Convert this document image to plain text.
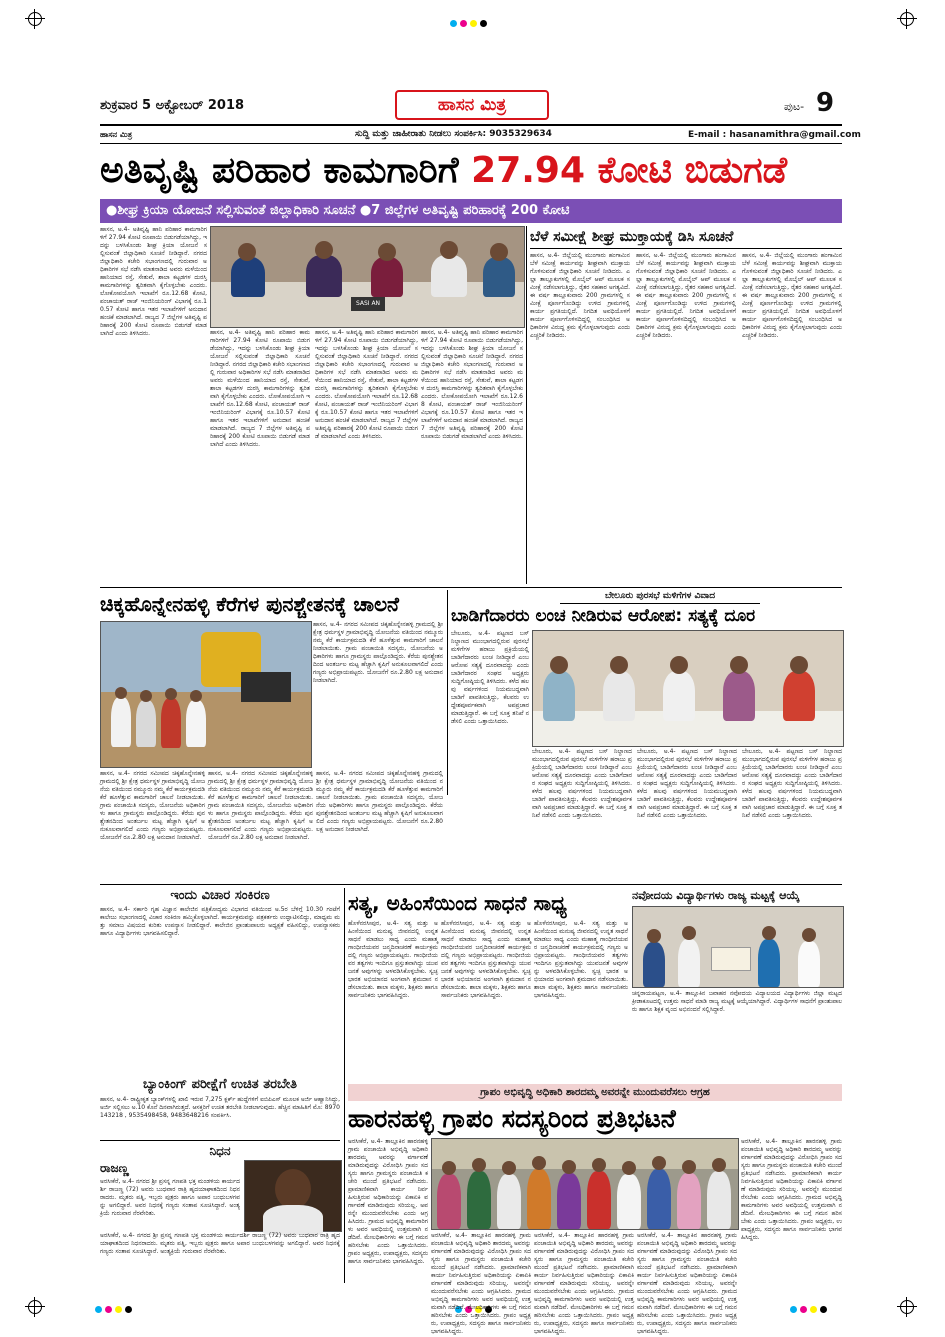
ಶುಕ್ರವಾರ 5 ಅಕ್ಟೋಬರ್ 2018	ಹಾಸನ ಮಿತ್ರ	ಪುಟ- 9
ಹಾಸನ ಮಿತ್ರ	ಸುದ್ದಿ ಮತ್ತು ಜಾಹೀರಾತು ನೀಡಲು ಸಂಪರ್ಕಿಸಿ: 9035329634	E-mail : hasanamithra@gmail.com
ಅತಿವೃಷ್ಟಿ ಪರಿಹಾರ ಕಾಮಗಾರಿಗೆ 27.94 ಕೋಟಿ ಬಿಡುಗಡೆ
●ಶೀಘ್ರ ಕ್ರಿಯಾ ಯೋಜನೆ ಸಲ್ಲಿಸುವಂತೆ ಜಿಲ್ಲಾಧಿಕಾರಿ ಸೂಚನೆ ●7 ಜಿಲ್ಲೆಗಳ ಅತಿವೃಷ್ಟಿ ಪರಿಹಾರಕ್ಕೆ 200 ಕೋಟಿ
ಹಾಸನ, ಅ.4- ಅತಿವೃಷ್ಟಿ ಹಾನಿ ಪರಿಹಾರ ಕಾಮಗಾರಿಗಳಿಗೆ 27.94 ಕೋಟಿ ರೂಪಾಯಿ ಬಿಡುಗಡೆಯಾಗಿದ್ದು, ಇದನ್ನು ಬಳಸಿಕೊಂಡು ಶೀಘ್ರ ಕ್ರಿಯಾ ಯೋಜನೆ ಸಲ್ಲಿಸುವಂತೆ ಜಿಲ್ಲಾಧಿಕಾರಿ ಸೂಚನೆ ನೀಡಿದ್ದಾರೆ. ನಗರದ ಜಿಲ್ಲಾಧಿಕಾರಿ ಕಚೇರಿ ಸಭಾಂಗಣದಲ್ಲಿ ಗುರುವಾರ ಅಧಿಕಾರಿಗಳ ಸಭೆ ನಡೆಸಿ ಮಾತನಾಡಿದ ಅವರು ಮಳೆಯಿಂದ ಹಾನಿಯಾದ ರಸ್ತೆ, ಸೇತುವೆ, ಶಾಲಾ ಕಟ್ಟಡಗಳ ದುರಸ್ತಿ ಕಾಮಗಾರಿಗಳನ್ನು ತ್ವರಿತವಾಗಿ ಕೈಗೊಳ್ಳಬೇಕು ಎಂದರು. ಲೋಕೋಪಯೋಗಿ ಇಲಾಖೆಗೆ ರೂ.12.68 ಕೋಟಿ, ಪಂಚಾಯತ್ ರಾಜ್ ಇಂಜಿನಿಯರಿಂಗ್ ವಿಭಾಗಕ್ಕೆ ರೂ.10.57 ಕೋಟಿ ಹಾಗೂ ಇತರ ಇಲಾಖೆಗಳಿಗೆ ಅನುದಾನ ಹಂಚಿಕೆ ಮಾಡಲಾಗಿದೆ. ರಾಜ್ಯದ 7 ಜಿಲ್ಲೆಗಳ ಅತಿವೃಷ್ಟಿ ಪರಿಹಾರಕ್ಕೆ 200 ಕೋಟಿ ರೂಪಾಯಿ ಬಿಡುಗಡೆ ಮಾಡಲಾಗಿದೆ ಎಂದು ತಿಳಿಸಿದರು.
SASI AN
ಹಾಸನ, ಅ.4- ಅತಿವೃಷ್ಟಿ ಹಾನಿ ಪರಿಹಾರ ಕಾಮಗಾರಿಗಳಿಗೆ 27.94 ಕೋಟಿ ರೂಪಾಯಿ ಬಿಡುಗಡೆಯಾಗಿದ್ದು, ಇದನ್ನು ಬಳಸಿಕೊಂಡು ಶೀಘ್ರ ಕ್ರಿಯಾ ಯೋಜನೆ ಸಲ್ಲಿಸುವಂತೆ ಜಿಲ್ಲಾಧಿಕಾರಿ ಸೂಚನೆ ನೀಡಿದ್ದಾರೆ. ನಗರದ ಜಿಲ್ಲಾಧಿಕಾರಿ ಕಚೇರಿ ಸಭಾಂಗಣದಲ್ಲಿ ಗುರುವಾರ ಅಧಿಕಾರಿಗಳ ಸಭೆ ನಡೆಸಿ ಮಾತನಾಡಿದ ಅವರು ಮಳೆಯಿಂದ ಹಾನಿಯಾದ ರಸ್ತೆ, ಸೇತುವೆ, ಶಾಲಾ ಕಟ್ಟಡಗಳ ದುರಸ್ತಿ ಕಾಮಗಾರಿಗಳನ್ನು ತ್ವರಿತವಾಗಿ ಕೈಗೊಳ್ಳಬೇಕು ಎಂದರು. ಲೋಕೋಪಯೋಗಿ ಇಲಾಖೆಗೆ ರೂ.12.68 ಕೋಟಿ, ಪಂಚಾಯತ್ ರಾಜ್ ಇಂಜಿನಿಯರಿಂಗ್ ವಿಭಾಗಕ್ಕೆ ರೂ.10.57 ಕೋಟಿ ಹಾಗೂ ಇತರ ಇಲಾಖೆಗಳಿಗೆ ಅನುದಾನ ಹಂಚಿಕೆ ಮಾಡಲಾಗಿದೆ. ರಾಜ್ಯದ 7 ಜಿಲ್ಲೆಗಳ ಅತಿವೃಷ್ಟಿ ಪರಿಹಾರಕ್ಕೆ 200 ಕೋಟಿ ರೂಪಾಯಿ ಬಿಡುಗಡೆ ಮಾಡಲಾಗಿದೆ ಎಂದು ತಿಳಿಸಿದರು.
ಹಾಸನ, ಅ.4- ಅತಿವೃಷ್ಟಿ ಹಾನಿ ಪರಿಹಾರ ಕಾಮಗಾರಿಗಳಿಗೆ 27.94 ಕೋಟಿ ರೂಪಾಯಿ ಬಿಡುಗಡೆಯಾಗಿದ್ದು, ಇದನ್ನು ಬಳಸಿಕೊಂಡು ಶೀಘ್ರ ಕ್ರಿಯಾ ಯೋಜನೆ ಸಲ್ಲಿಸುವಂತೆ ಜಿಲ್ಲಾಧಿಕಾರಿ ಸೂಚನೆ ನೀಡಿದ್ದಾರೆ. ನಗರದ ಜಿಲ್ಲಾಧಿಕಾರಿ ಕಚೇರಿ ಸಭಾಂಗಣದಲ್ಲಿ ಗುರುವಾರ ಅಧಿಕಾರಿಗಳ ಸಭೆ ನಡೆಸಿ ಮಾತನಾಡಿದ ಅವರು ಮಳೆಯಿಂದ ಹಾನಿಯಾದ ರಸ್ತೆ, ಸೇತುವೆ, ಶಾಲಾ ಕಟ್ಟಡಗಳ ದುರಸ್ತಿ ಕಾಮಗಾರಿಗಳನ್ನು ತ್ವರಿತವಾಗಿ ಕೈಗೊಳ್ಳಬೇಕು ಎಂದರು. ಲೋಕೋಪಯೋಗಿ ಇಲಾಖೆಗೆ ರೂ.12.68 ಕೋಟಿ, ಪಂಚಾಯತ್ ರಾಜ್ ಇಂಜಿನಿಯರಿಂಗ್ ವಿಭಾಗಕ್ಕೆ ರೂ.10.57 ಕೋಟಿ ಹಾಗೂ ಇತರ ಇಲಾಖೆಗಳಿಗೆ ಅನುದಾನ ಹಂಚಿಕೆ ಮಾಡಲಾಗಿದೆ. ರಾಜ್ಯದ 7 ಜಿಲ್ಲೆಗಳ ಅತಿವೃಷ್ಟಿ ಪರಿಹಾರಕ್ಕೆ 200 ಕೋಟಿ ರೂಪಾಯಿ ಬಿಡುಗಡೆ ಮಾಡಲಾಗಿದೆ ಎಂದು ತಿಳಿಸಿದರು.
ಹಾಸನ, ಅ.4- ಅತಿವೃಷ್ಟಿ ಹಾನಿ ಪರಿಹಾರ ಕಾಮಗಾರಿಗಳಿಗೆ 27.94 ಕೋಟಿ ರೂಪಾಯಿ ಬಿಡುಗಡೆಯಾಗಿದ್ದು, ಇದನ್ನು ಬಳಸಿಕೊಂಡು ಶೀಘ್ರ ಕ್ರಿಯಾ ಯೋಜನೆ ಸಲ್ಲಿಸುವಂತೆ ಜಿಲ್ಲಾಧಿಕಾರಿ ಸೂಚನೆ ನೀಡಿದ್ದಾರೆ. ನಗರದ ಜಿಲ್ಲಾಧಿಕಾರಿ ಕಚೇರಿ ಸಭಾಂಗಣದಲ್ಲಿ ಗುರುವಾರ ಅಧಿಕಾರಿಗಳ ಸಭೆ ನಡೆಸಿ ಮಾತನಾಡಿದ ಅವರು ಮಳೆಯಿಂದ ಹಾನಿಯಾದ ರಸ್ತೆ, ಸೇತುವೆ, ಶಾಲಾ ಕಟ್ಟಡಗಳ ದುರಸ್ತಿ ಕಾಮಗಾರಿಗಳನ್ನು ತ್ವರಿತವಾಗಿ ಕೈಗೊಳ್ಳಬೇಕು ಎಂದರು. ಲೋಕೋಪಯೋಗಿ ಇಲಾಖೆಗೆ ರೂ.12.68 ಕೋಟಿ, ಪಂಚಾಯತ್ ರಾಜ್ ಇಂಜಿನಿಯರಿಂಗ್ ವಿಭಾಗಕ್ಕೆ ರೂ.10.57 ಕೋಟಿ ಹಾಗೂ ಇತರ ಇಲಾಖೆಗಳಿಗೆ ಅನುದಾನ ಹಂಚಿಕೆ ಮಾಡಲಾಗಿದೆ. ರಾಜ್ಯದ 7 ಜಿಲ್ಲೆಗಳ ಅತಿವೃಷ್ಟಿ ಪರಿಹಾರಕ್ಕೆ 200 ಕೋಟಿ ರೂಪಾಯಿ ಬಿಡುಗಡೆ ಮಾಡಲಾಗಿದೆ ಎಂದು ತಿಳಿಸಿದರು.
ಬೆಳೆ ಸಮೀಕ್ಷೆ ಶೀಘ್ರ ಮುಕ್ತಾಯಕ್ಕೆ ಡಿಸಿ ಸೂಚನೆ
ಹಾಸನ, ಅ.4- ಜಿಲ್ಲೆಯಲ್ಲಿ ಮುಂಗಾರು ಹಂಗಾಮಿನ ಬೆಳೆ ಸಮೀಕ್ಷೆ ಕಾರ್ಯವನ್ನು ಶೀಘ್ರವಾಗಿ ಮುಕ್ತಾಯಗೊಳಿಸುವಂತೆ ಜಿಲ್ಲಾಧಿಕಾರಿ ಸೂಚನೆ ನೀಡಿದರು. ಎಲ್ಲಾ ತಾಲ್ಲೂಕುಗಳಲ್ಲಿ ಮೊಬೈಲ್ ಆಪ್ ಮೂಲಕ ಸಮೀಕ್ಷೆ ನಡೆಸಲಾಗುತ್ತಿದ್ದು, ರೈತರ ಸಹಕಾರ ಅಗತ್ಯವಿದೆ. ಈ ವರ್ಷ ತಾಲ್ಲೂಕುವಾರು 200 ಗ್ರಾಮಗಳಲ್ಲಿ ಸಮೀಕ್ಷೆ ಪೂರ್ಣಗೊಂಡಿದ್ದು ಉಳಿದ ಗ್ರಾಮಗಳಲ್ಲಿ ಕಾರ್ಯ ಪ್ರಗತಿಯಲ್ಲಿದೆ. ನಿಗದಿತ ಅವಧಿಯೊಳಗೆ ಕಾರ್ಯ ಪೂರ್ಣಗೊಳಿಸದಿದ್ದಲ್ಲಿ ಸಂಬಂಧಿಸಿದ ಅಧಿಕಾರಿಗಳ ವಿರುದ್ಧ ಕ್ರಮ ಕೈಗೊಳ್ಳಲಾಗುವುದು ಎಂದು ಎಚ್ಚರಿಕೆ ನೀಡಿದರು.
ಹಾಸನ, ಅ.4- ಜಿಲ್ಲೆಯಲ್ಲಿ ಮುಂಗಾರು ಹಂಗಾಮಿನ ಬೆಳೆ ಸಮೀಕ್ಷೆ ಕಾರ್ಯವನ್ನು ಶೀಘ್ರವಾಗಿ ಮುಕ್ತಾಯಗೊಳಿಸುವಂತೆ ಜಿಲ್ಲಾಧಿಕಾರಿ ಸೂಚನೆ ನೀಡಿದರು. ಎಲ್ಲಾ ತಾಲ್ಲೂಕುಗಳಲ್ಲಿ ಮೊಬೈಲ್ ಆಪ್ ಮೂಲಕ ಸಮೀಕ್ಷೆ ನಡೆಸಲಾಗುತ್ತಿದ್ದು, ರೈತರ ಸಹಕಾರ ಅಗತ್ಯವಿದೆ. ಈ ವರ್ಷ ತಾಲ್ಲೂಕುವಾರು 200 ಗ್ರಾಮಗಳಲ್ಲಿ ಸಮೀಕ್ಷೆ ಪೂರ್ಣಗೊಂಡಿದ್ದು ಉಳಿದ ಗ್ರಾಮಗಳಲ್ಲಿ ಕಾರ್ಯ ಪ್ರಗತಿಯಲ್ಲಿದೆ. ನಿಗದಿತ ಅವಧಿಯೊಳಗೆ ಕಾರ್ಯ ಪೂರ್ಣಗೊಳಿಸದಿದ್ದಲ್ಲಿ ಸಂಬಂಧಿಸಿದ ಅಧಿಕಾರಿಗಳ ವಿರುದ್ಧ ಕ್ರಮ ಕೈಗೊಳ್ಳಲಾಗುವುದು ಎಂದು ಎಚ್ಚರಿಕೆ ನೀಡಿದರು.
ಹಾಸನ, ಅ.4- ಜಿಲ್ಲೆಯಲ್ಲಿ ಮುಂಗಾರು ಹಂಗಾಮಿನ ಬೆಳೆ ಸಮೀಕ್ಷೆ ಕಾರ್ಯವನ್ನು ಶೀಘ್ರವಾಗಿ ಮುಕ್ತಾಯಗೊಳಿಸುವಂತೆ ಜಿಲ್ಲಾಧಿಕಾರಿ ಸೂಚನೆ ನೀಡಿದರು. ಎಲ್ಲಾ ತಾಲ್ಲೂಕುಗಳಲ್ಲಿ ಮೊಬೈಲ್ ಆಪ್ ಮೂಲಕ ಸಮೀಕ್ಷೆ ನಡೆಸಲಾಗುತ್ತಿದ್ದು, ರೈತರ ಸಹಕಾರ ಅಗತ್ಯವಿದೆ. ಈ ವರ್ಷ ತಾಲ್ಲೂಕುವಾರು 200 ಗ್ರಾಮಗಳಲ್ಲಿ ಸಮೀಕ್ಷೆ ಪೂರ್ಣಗೊಂಡಿದ್ದು ಉಳಿದ ಗ್ರಾಮಗಳಲ್ಲಿ ಕಾರ್ಯ ಪ್ರಗತಿಯಲ್ಲಿದೆ. ನಿಗದಿತ ಅವಧಿಯೊಳಗೆ ಕಾರ್ಯ ಪೂರ್ಣಗೊಳಿಸದಿದ್ದಲ್ಲಿ ಸಂಬಂಧಿಸಿದ ಅಧಿಕಾರಿಗಳ ವಿರುದ್ಧ ಕ್ರಮ ಕೈಗೊಳ್ಳಲಾಗುವುದು ಎಂದು ಎಚ್ಚರಿಕೆ ನೀಡಿದರು.
ಚಿಕ್ಕಹೊನ್ನೇನಹಳ್ಳಿ ಕೆರೆಗಳ ಪುನಶ್ಚೇತನಕ್ಕೆ ಚಾಲನೆ
ಹಾಸನ, ಅ.4- ನಗರದ ಸಮೀಪದ ಚಿಕ್ಕಹೊನ್ನೇನಹಳ್ಳಿ ಗ್ರಾಮದಲ್ಲಿ ಶ್ರೀ ಕ್ಷೇತ್ರ ಧರ್ಮಸ್ಥಳ ಗ್ರಾಮಾಭಿವೃದ್ಧಿ ಯೋಜನೆಯ ವತಿಯಿಂದ ನಮ್ಮೂರು ನಮ್ಮ ಕೆರೆ ಕಾರ್ಯಕ್ರಮದಡಿ ಕೆರೆ ಹೂಳೆತ್ತುವ ಕಾಮಗಾರಿಗೆ ಚಾಲನೆ ನೀಡಲಾಯಿತು. ಗ್ರಾಮ ಪಂಚಾಯಿತಿ ಸದಸ್ಯರು, ಯೋಜನೆಯ ಅಧಿಕಾರಿಗಳು ಹಾಗೂ ಗ್ರಾಮಸ್ಥರು ಪಾಲ್ಗೊಂಡಿದ್ದರು. ಕೆರೆಯ ಪುನಶ್ಚೇತನದಿಂದ ಅಂತರ್ಜಲ ಮಟ್ಟ ಹೆಚ್ಚಾಗಿ ಕೃಷಿಗೆ ಅನುಕೂಲವಾಗಲಿದೆ ಎಂದು ಗಣ್ಯರು ಅಭಿಪ್ರಾಯಪಟ್ಟರು. ಯೋಜನೆಗೆ ರೂ.2.80 ಲಕ್ಷ ಅನುದಾನ ನೀಡಲಾಗಿದೆ.
ಹಾಸನ, ಅ.4- ನಗರದ ಸಮೀಪದ ಚಿಕ್ಕಹೊನ್ನೇನಹಳ್ಳಿ ಗ್ರಾಮದಲ್ಲಿ ಶ್ರೀ ಕ್ಷೇತ್ರ ಧರ್ಮಸ್ಥಳ ಗ್ರಾಮಾಭಿವೃದ್ಧಿ ಯೋಜನೆಯ ವತಿಯಿಂದ ನಮ್ಮೂರು ನಮ್ಮ ಕೆರೆ ಕಾರ್ಯಕ್ರಮದಡಿ ಕೆರೆ ಹೂಳೆತ್ತುವ ಕಾಮಗಾರಿಗೆ ಚಾಲನೆ ನೀಡಲಾಯಿತು. ಗ್ರಾಮ ಪಂಚಾಯಿತಿ ಸದಸ್ಯರು, ಯೋಜನೆಯ ಅಧಿಕಾರಿಗಳು ಹಾಗೂ ಗ್ರಾಮಸ್ಥರು ಪಾಲ್ಗೊಂಡಿದ್ದರು. ಕೆರೆಯ ಪುನಶ್ಚೇತನದಿಂದ ಅಂತರ್ಜಲ ಮಟ್ಟ ಹೆಚ್ಚಾಗಿ ಕೃಷಿಗೆ ಅನುಕೂಲವಾಗಲಿದೆ ಎಂದು ಗಣ್ಯರು ಅಭಿಪ್ರಾಯಪಟ್ಟರು. ಯೋಜನೆಗೆ ರೂ.2.80 ಲಕ್ಷ ಅನುದಾನ ನೀಡಲಾಗಿದೆ.
ಹಾಸನ, ಅ.4- ನಗರದ ಸಮೀಪದ ಚಿಕ್ಕಹೊನ್ನೇನಹಳ್ಳಿ ಗ್ರಾಮದಲ್ಲಿ ಶ್ರೀ ಕ್ಷೇತ್ರ ಧರ್ಮಸ್ಥಳ ಗ್ರಾಮಾಭಿವೃದ್ಧಿ ಯೋಜನೆಯ ವತಿಯಿಂದ ನಮ್ಮೂರು ನಮ್ಮ ಕೆರೆ ಕಾರ್ಯಕ್ರಮದಡಿ ಕೆರೆ ಹೂಳೆತ್ತುವ ಕಾಮಗಾರಿಗೆ ಚಾಲನೆ ನೀಡಲಾಯಿತು. ಗ್ರಾಮ ಪಂಚಾಯಿತಿ ಸದಸ್ಯರು, ಯೋಜನೆಯ ಅಧಿಕಾರಿಗಳು ಹಾಗೂ ಗ್ರಾಮಸ್ಥರು ಪಾಲ್ಗೊಂಡಿದ್ದರು. ಕೆರೆಯ ಪುನಶ್ಚೇತನದಿಂದ ಅಂತರ್ಜಲ ಮಟ್ಟ ಹೆಚ್ಚಾಗಿ ಕೃಷಿಗೆ ಅನುಕೂಲವಾಗಲಿದೆ ಎಂದು ಗಣ್ಯರು ಅಭಿಪ್ರಾಯಪಟ್ಟರು. ಯೋಜನೆಗೆ ರೂ.2.80 ಲಕ್ಷ ಅನುದಾನ ನೀಡಲಾಗಿದೆ.
ಹಾಸನ, ಅ.4- ನಗರದ ಸಮೀಪದ ಚಿಕ್ಕಹೊನ್ನೇನಹಳ್ಳಿ ಗ್ರಾಮದಲ್ಲಿ ಶ್ರೀ ಕ್ಷೇತ್ರ ಧರ್ಮಸ್ಥಳ ಗ್ರಾಮಾಭಿವೃದ್ಧಿ ಯೋಜನೆಯ ವತಿಯಿಂದ ನಮ್ಮೂರು ನಮ್ಮ ಕೆರೆ ಕಾರ್ಯಕ್ರಮದಡಿ ಕೆರೆ ಹೂಳೆತ್ತುವ ಕಾಮಗಾರಿಗೆ ಚಾಲನೆ ನೀಡಲಾಯಿತು. ಗ್ರಾಮ ಪಂಚಾಯಿತಿ ಸದಸ್ಯರು, ಯೋಜನೆಯ ಅಧಿಕಾರಿಗಳು ಹಾಗೂ ಗ್ರಾಮಸ್ಥರು ಪಾಲ್ಗೊಂಡಿದ್ದರು. ಕೆರೆಯ ಪುನಶ್ಚೇತನದಿಂದ ಅಂತರ್ಜಲ ಮಟ್ಟ ಹೆಚ್ಚಾಗಿ ಕೃಷಿಗೆ ಅನುಕೂಲವಾಗಲಿದೆ ಎಂದು ಗಣ್ಯರು ಅಭಿಪ್ರಾಯಪಟ್ಟರು. ಯೋಜನೆಗೆ ರೂ.2.80 ಲಕ್ಷ ಅನುದಾನ ನೀಡಲಾಗಿದೆ.
ಬೇಲೂರು ಪುರಸಭೆ ಮಳಿಗೆಗಳ ವಿವಾದ
ಬಾಡಿಗೆದಾರರು ಲಂಚ ನೀಡಿರುವ ಆರೋಪ: ಸತ್ಯಕ್ಕೆ ದೂರ
ಬೇಲೂರು, ಅ.4- ಪಟ್ಟಣದ ಬಸ್ ನಿಲ್ದಾಣದ ಮುಂಭಾಗದಲ್ಲಿರುವ ಪುರಸಭೆ ಮಳಿಗೆಗಳ ಹರಾಜು ಪ್ರಕ್ರಿಯೆಯಲ್ಲಿ ಬಾಡಿಗೆದಾರರು ಲಂಚ ನೀಡಿದ್ದಾರೆ ಎಂಬ ಆರೋಪ ಸತ್ಯಕ್ಕೆ ದೂರವಾದದ್ದು ಎಂದು ಬಾಡಿಗೆದಾರರ ಸಂಘದ ಅಧ್ಯಕ್ಷರು ಸುದ್ದಿಗೋಷ್ಠಿಯಲ್ಲಿ ತಿಳಿಸಿದರು. ಕಳೆದ ಹಲವು ವರ್ಷಗಳಿಂದ ನಿಯಮಬದ್ಧವಾಗಿ ಬಾಡಿಗೆ ಪಾವತಿಸುತ್ತಿದ್ದು, ಕೆಲವರು ಉದ್ದೇಶಪೂರ್ವಕವಾಗಿ ಅಪಪ್ರಚಾರ ಮಾಡುತ್ತಿದ್ದಾರೆ. ಈ ಬಗ್ಗೆ ಸೂಕ್ತ ತನಿಖೆ ನಡೆಸಲಿ ಎಂದು ಒತ್ತಾಯಿಸಿದರು.
ಬೇಲೂರು, ಅ.4- ಪಟ್ಟಣದ ಬಸ್ ನಿಲ್ದಾಣದ ಮುಂಭಾಗದಲ್ಲಿರುವ ಪುರಸಭೆ ಮಳಿಗೆಗಳ ಹರಾಜು ಪ್ರಕ್ರಿಯೆಯಲ್ಲಿ ಬಾಡಿಗೆದಾರರು ಲಂಚ ನೀಡಿದ್ದಾರೆ ಎಂಬ ಆರೋಪ ಸತ್ಯಕ್ಕೆ ದೂರವಾದದ್ದು ಎಂದು ಬಾಡಿಗೆದಾರರ ಸಂಘದ ಅಧ್ಯಕ್ಷರು ಸುದ್ದಿಗೋಷ್ಠಿಯಲ್ಲಿ ತಿಳಿಸಿದರು. ಕಳೆದ ಹಲವು ವರ್ಷಗಳಿಂದ ನಿಯಮಬದ್ಧವಾಗಿ ಬಾಡಿಗೆ ಪಾವತಿಸುತ್ತಿದ್ದು, ಕೆಲವರು ಉದ್ದೇಶಪೂರ್ವಕವಾಗಿ ಅಪಪ್ರಚಾರ ಮಾಡುತ್ತಿದ್ದಾರೆ. ಈ ಬಗ್ಗೆ ಸೂಕ್ತ ತನಿಖೆ ನಡೆಸಲಿ ಎಂದು ಒತ್ತಾಯಿಸಿದರು.
ಬೇಲೂರು, ಅ.4- ಪಟ್ಟಣದ ಬಸ್ ನಿಲ್ದಾಣದ ಮುಂಭಾಗದಲ್ಲಿರುವ ಪುರಸಭೆ ಮಳಿಗೆಗಳ ಹರಾಜು ಪ್ರಕ್ರಿಯೆಯಲ್ಲಿ ಬಾಡಿಗೆದಾರರು ಲಂಚ ನೀಡಿದ್ದಾರೆ ಎಂಬ ಆರೋಪ ಸತ್ಯಕ್ಕೆ ದೂರವಾದದ್ದು ಎಂದು ಬಾಡಿಗೆದಾರರ ಸಂಘದ ಅಧ್ಯಕ್ಷರು ಸುದ್ದಿಗೋಷ್ಠಿಯಲ್ಲಿ ತಿಳಿಸಿದರು. ಕಳೆದ ಹಲವು ವರ್ಷಗಳಿಂದ ನಿಯಮಬದ್ಧವಾಗಿ ಬಾಡಿಗೆ ಪಾವತಿಸುತ್ತಿದ್ದು, ಕೆಲವರು ಉದ್ದೇಶಪೂರ್ವಕವಾಗಿ ಅಪಪ್ರಚಾರ ಮಾಡುತ್ತಿದ್ದಾರೆ. ಈ ಬಗ್ಗೆ ಸೂಕ್ತ ತನಿಖೆ ನಡೆಸಲಿ ಎಂದು ಒತ್ತಾಯಿಸಿದರು.
ಬೇಲೂರು, ಅ.4- ಪಟ್ಟಣದ ಬಸ್ ನಿಲ್ದಾಣದ ಮುಂಭಾಗದಲ್ಲಿರುವ ಪುರಸಭೆ ಮಳಿಗೆಗಳ ಹರಾಜು ಪ್ರಕ್ರಿಯೆಯಲ್ಲಿ ಬಾಡಿಗೆದಾರರು ಲಂಚ ನೀಡಿದ್ದಾರೆ ಎಂಬ ಆರೋಪ ಸತ್ಯಕ್ಕೆ ದೂರವಾದದ್ದು ಎಂದು ಬಾಡಿಗೆದಾರರ ಸಂಘದ ಅಧ್ಯಕ್ಷರು ಸುದ್ದಿಗೋಷ್ಠಿಯಲ್ಲಿ ತಿಳಿಸಿದರು. ಕಳೆದ ಹಲವು ವರ್ಷಗಳಿಂದ ನಿಯಮಬದ್ಧವಾಗಿ ಬಾಡಿಗೆ ಪಾವತಿಸುತ್ತಿದ್ದು, ಕೆಲವರು ಉದ್ದೇಶಪೂರ್ವಕವಾಗಿ ಅಪಪ್ರಚಾರ ಮಾಡುತ್ತಿದ್ದಾರೆ. ಈ ಬಗ್ಗೆ ಸೂಕ್ತ ತನಿಖೆ ನಡೆಸಲಿ ಎಂದು ಒತ್ತಾಯಿಸಿದರು.
ಇಂದು ವಿಚಾರ ಸಂಕಿರಣ
ಹಾಸನ, ಅ.4- ಸರ್ಕಾರಿ ಗೃಹ ವಿಜ್ಞಾನ ಕಾಲೇಜಿನ ಪತ್ರಿಕೋದ್ಯಮ ವಿಭಾಗದ ವತಿಯಿಂದ ಅ.5ರ ಬೆಳಿಗ್ಗೆ 10.30 ಗಂಟೆಗೆ ಕಾಲೇಜು ಸಭಾಂಗಣದಲ್ಲಿ ವಿಚಾರ ಸಂಕಿರಣ ಹಮ್ಮಿಕೊಳ್ಳಲಾಗಿದೆ. ಕಾರ್ಯಕ್ರಮವನ್ನು ಪತ್ರಕರ್ತರು ಉದ್ಘಾಟಿಸಲಿದ್ದು, ಮಾಧ್ಯಮ ಮತ್ತು ಸಮಾಜ ವಿಷಯದ ಕುರಿತು ಉಪನ್ಯಾಸ ನೀಡಲಿದ್ದಾರೆ. ಕಾಲೇಜಿನ ಪ್ರಾಂಶುಪಾಲರು ಅಧ್ಯಕ್ಷತೆ ವಹಿಸಲಿದ್ದು, ಉಪನ್ಯಾಸಕರು ಹಾಗೂ ವಿದ್ಯಾರ್ಥಿಗಳು ಭಾಗವಹಿಸಲಿದ್ದಾರೆ.
ಬ್ಯಾಂಕಿಂಗ್ ಪರೀಕ್ಷೆಗೆ ಉಚಿತ ತರಬೇತಿ
ಹಾಸನ, ಅ.4- ರಾಷ್ಟ್ರೀಕೃತ ಬ್ಯಾಂಕ್‌ಗಳಲ್ಲಿ ಖಾಲಿ ಇರುವ 7,275 ಕ್ಲರ್ಕ್ ಹುದ್ದೆಗಳಿಗೆ ಐಬಿಪಿಎಸ್ ಮೂಲಕ ಅರ್ಜಿ ಆಹ್ವಾನಿಸಿದ್ದು, ಅರ್ಜಿ ಸಲ್ಲಿಸಲು ಅ.10 ಕೊನೆ ದಿನವಾಗಿರುತ್ತದೆ. ಆಸಕ್ತರಿಗೆ ಉಚಿತ ತರಬೇತಿ ನೀಡಲಾಗುವುದು. ಹೆಚ್ಚಿನ ಮಾಹಿತಿಗೆ ಮೊ: 8970143218 , 9535498458, 9483648216 ಸಂಪರ್ಕಿಸಿ.
ನಿಧನ
ರಾಜಣ್ಣ
ಅರಸೀಕೆರೆ, ಅ.4- ನಗರದ ಶ್ರೀ ಪ್ರಸನ್ನ ಗಣಪತಿ ಭಕ್ತ ಮಂಡಳಿಯ ಕಾರ್ಯದರ್ಶಿ ರಾಜಣ್ಣ (72) ಅವರು ಬುಧವಾರ ರಾತ್ರಿ ಹೃದಯಾಘಾತದಿಂದ ನಿಧನರಾದರು. ಮೃತರು ಪತ್ನಿ, ಇಬ್ಬರು ಪುತ್ರರು ಹಾಗೂ ಅಪಾರ ಬಂಧುಬಳಗವನ್ನು ಅಗಲಿದ್ದಾರೆ. ಅವರ ನಿಧನಕ್ಕೆ ಗಣ್ಯರು ಸಂತಾಪ ಸೂಚಿಸಿದ್ದಾರೆ. ಅಂತ್ಯಕ್ರಿಯೆ ಗುರುವಾರ ನೆರವೇರಿತು.
ಅರಸೀಕೆರೆ, ಅ.4- ನಗರದ ಶ್ರೀ ಪ್ರಸನ್ನ ಗಣಪತಿ ಭಕ್ತ ಮಂಡಳಿಯ ಕಾರ್ಯದರ್ಶಿ ರಾಜಣ್ಣ (72) ಅವರು ಬುಧವಾರ ರಾತ್ರಿ ಹೃದಯಾಘಾತದಿಂದ ನಿಧನರಾದರು. ಮೃತರು ಪತ್ನಿ, ಇಬ್ಬರು ಪುತ್ರರು ಹಾಗೂ ಅಪಾರ ಬಂಧುಬಳಗವನ್ನು ಅಗಲಿದ್ದಾರೆ. ಅವರ ನಿಧನಕ್ಕೆ ಗಣ್ಯರು ಸಂತಾಪ ಸೂಚಿಸಿದ್ದಾರೆ. ಅಂತ್ಯಕ್ರಿಯೆ ಗುರುವಾರ ನೆರವೇರಿತು.
ಸತ್ಯ, ಅಹಿಂಸೆಯಿಂದ ಸಾಧನೆ ಸಾಧ್ಯ
ಹೊಳೆನರಸೀಪುರ, ಅ.4- ಸತ್ಯ ಮತ್ತು ಅಹಿಂಸೆಯಿಂದ ಮನುಷ್ಯ ಜೀವನದಲ್ಲಿ ಉನ್ನತ ಸಾಧನೆ ಮಾಡಲು ಸಾಧ್ಯ ಎಂದು ಮಹಾತ್ಮ ಗಾಂಧೀಜಿಯವರ ಜನ್ಮದಿನಾಚರಣೆ ಕಾರ್ಯಕ್ರಮದಲ್ಲಿ ಗಣ್ಯರು ಅಭಿಪ್ರಾಯಪಟ್ಟರು. ಗಾಂಧೀಜಿಯವರ ತತ್ವಗಳು ಇಂದಿಗೂ ಪ್ರಸ್ತುತವಾಗಿದ್ದು ಯುವಜನತೆ ಅವುಗಳನ್ನು ಅಳವಡಿಸಿಕೊಳ್ಳಬೇಕು. ಸ್ವಚ್ಛ ಭಾರತ ಅಭಿಯಾನದ ಅಂಗವಾಗಿ ಶ್ರಮದಾನ ನಡೆಸಲಾಯಿತು. ಶಾಲಾ ಮಕ್ಕಳು, ಶಿಕ್ಷಕರು ಹಾಗೂ ಸಾರ್ವಜನಿಕರು ಭಾಗವಹಿಸಿದ್ದರು.
ಹೊಳೆನರಸೀಪುರ, ಅ.4- ಸತ್ಯ ಮತ್ತು ಅಹಿಂಸೆಯಿಂದ ಮನುಷ್ಯ ಜೀವನದಲ್ಲಿ ಉನ್ನತ ಸಾಧನೆ ಮಾಡಲು ಸಾಧ್ಯ ಎಂದು ಮಹಾತ್ಮ ಗಾಂಧೀಜಿಯವರ ಜನ್ಮದಿನಾಚರಣೆ ಕಾರ್ಯಕ್ರಮದಲ್ಲಿ ಗಣ್ಯರು ಅಭಿಪ್ರಾಯಪಟ್ಟರು. ಗಾಂಧೀಜಿಯವರ ತತ್ವಗಳು ಇಂದಿಗೂ ಪ್ರಸ್ತುತವಾಗಿದ್ದು ಯುವಜನತೆ ಅವುಗಳನ್ನು ಅಳವಡಿಸಿಕೊಳ್ಳಬೇಕು. ಸ್ವಚ್ಛ ಭಾರತ ಅಭಿಯಾನದ ಅಂಗವಾಗಿ ಶ್ರಮದಾನ ನಡೆಸಲಾಯಿತು. ಶಾಲಾ ಮಕ್ಕಳು, ಶಿಕ್ಷಕರು ಹಾಗೂ ಸಾರ್ವಜನಿಕರು ಭಾಗವಹಿಸಿದ್ದರು.
ಹೊಳೆನರಸೀಪುರ, ಅ.4- ಸತ್ಯ ಮತ್ತು ಅಹಿಂಸೆಯಿಂದ ಮನುಷ್ಯ ಜೀವನದಲ್ಲಿ ಉನ್ನತ ಸಾಧನೆ ಮಾಡಲು ಸಾಧ್ಯ ಎಂದು ಮಹಾತ್ಮ ಗಾಂಧೀಜಿಯವರ ಜನ್ಮದಿನಾಚರಣೆ ಕಾರ್ಯಕ್ರಮದಲ್ಲಿ ಗಣ್ಯರು ಅಭಿಪ್ರಾಯಪಟ್ಟರು. ಗಾಂಧೀಜಿಯವರ ತತ್ವಗಳು ಇಂದಿಗೂ ಪ್ರಸ್ತುತವಾಗಿದ್ದು ಯುವಜನತೆ ಅವುಗಳನ್ನು ಅಳವಡಿಸಿಕೊಳ್ಳಬೇಕು. ಸ್ವಚ್ಛ ಭಾರತ ಅಭಿಯಾನದ ಅಂಗವಾಗಿ ಶ್ರಮದಾನ ನಡೆಸಲಾಯಿತು. ಶಾಲಾ ಮಕ್ಕಳು, ಶಿಕ್ಷಕರು ಹಾಗೂ ಸಾರ್ವಜನಿಕರು ಭಾಗವಹಿಸಿದ್ದರು.
ನವೋದಯ ವಿದ್ಯಾರ್ಥಿಗಳು ರಾಜ್ಯ ಮಟ್ಟಕ್ಕೆ ಆಯ್ಕೆ
ಚನ್ನರಾಯಪಟ್ಟಣ, ಅ.4- ತಾಲ್ಲೂಕಿನ ಜವಾಹರ ನವೋದಯ ವಿದ್ಯಾಲಯದ ವಿದ್ಯಾರ್ಥಿಗಳು ಜಿಲ್ಲಾ ಮಟ್ಟದ ಕ್ರೀಡಾಕೂಟದಲ್ಲಿ ಉತ್ತಮ ಸಾಧನೆ ಮಾಡಿ ರಾಜ್ಯ ಮಟ್ಟಕ್ಕೆ ಆಯ್ಕೆಯಾಗಿದ್ದಾರೆ. ವಿದ್ಯಾರ್ಥಿಗಳ ಸಾಧನೆಗೆ ಪ್ರಾಂಶುಪಾಲರು ಹಾಗೂ ಶಿಕ್ಷಕ ವೃಂದ ಅಭಿನಂದನೆ ಸಲ್ಲಿಸಿದ್ದಾರೆ.
ಗ್ರಾಪಂ ಅಭಿವೃದ್ಧಿ ಅಧಿಕಾರಿ ಶಾರದಮ್ಮ ಅವರನ್ನೇ ಮುಂದುವರೆಸಲು ಆಗ್ರಹ
ಹಾರನಹಳ್ಳಿ ಗ್ರಾಪಂ ಸದಸ್ಯರಿಂದ ಪ್ರತಿಭಟನೆ
ಅರಸೀಕೆರೆ, ಅ.4- ತಾಲ್ಲೂಕಿನ ಹಾರನಹಳ್ಳಿ ಗ್ರಾಮ ಪಂಚಾಯಿತಿ ಅಭಿವೃದ್ಧಿ ಅಧಿಕಾರಿ ಶಾರದಮ್ಮ ಅವರನ್ನು ವರ್ಗಾವಣೆ ಮಾಡಿರುವುದನ್ನು ವಿರೋಧಿಸಿ ಗ್ರಾಪಂ ಸದಸ್ಯರು ಹಾಗೂ ಗ್ರಾಮಸ್ಥರು ಪಂಚಾಯಿತಿ ಕಚೇರಿ ಮುಂದೆ ಪ್ರತಿಭಟನೆ ನಡೆಸಿದರು. ಪ್ರಾಮಾಣಿಕವಾಗಿ ಕಾರ್ಯ ನಿರ್ವಹಿಸುತ್ತಿರುವ ಅಧಿಕಾರಿಯನ್ನು ಏಕಾಏಕಿ ವರ್ಗಾವಣೆ ಮಾಡಿರುವುದು ಸರಿಯಲ್ಲ. ಅವರನ್ನೇ ಮುಂದುವರೆಸಬೇಕು ಎಂದು ಆಗ್ರಹಿಸಿದರು. ಗ್ರಾಮದ ಅಭಿವೃದ್ಧಿ ಕಾಮಗಾರಿಗಳು ಅವರ ಅವಧಿಯಲ್ಲಿ ಉತ್ತಮವಾಗಿ ನಡೆದಿವೆ. ಮೇಲಧಿಕಾರಿಗಳು ಈ ಬಗ್ಗೆ ಗಮನ ಹರಿಸಬೇಕು ಎಂದು ಒತ್ತಾಯಿಸಿದರು. ಗ್ರಾಪಂ ಅಧ್ಯಕ್ಷರು, ಉಪಾಧ್ಯಕ್ಷರು, ಸದಸ್ಯರು ಹಾಗೂ ಸಾರ್ವಜನಿಕರು ಭಾಗವಹಿಸಿದ್ದರು.
ಅರಸೀಕೆರೆ, ಅ.4- ತಾಲ್ಲೂಕಿನ ಹಾರನಹಳ್ಳಿ ಗ್ರಾಮ ಪಂಚಾಯಿತಿ ಅಭಿವೃದ್ಧಿ ಅಧಿಕಾರಿ ಶಾರದಮ್ಮ ಅವರನ್ನು ವರ್ಗಾವಣೆ ಮಾಡಿರುವುದನ್ನು ವಿರೋಧಿಸಿ ಗ್ರಾಪಂ ಸದಸ್ಯರು ಹಾಗೂ ಗ್ರಾಮಸ್ಥರು ಪಂಚಾಯಿತಿ ಕಚೇರಿ ಮುಂದೆ ಪ್ರತಿಭಟನೆ ನಡೆಸಿದರು. ಪ್ರಾಮಾಣಿಕವಾಗಿ ಕಾರ್ಯ ನಿರ್ವಹಿಸುತ್ತಿರುವ ಅಧಿಕಾರಿಯನ್ನು ಏಕಾಏಕಿ ವರ್ಗಾವಣೆ ಮಾಡಿರುವುದು ಸರಿಯಲ್ಲ. ಅವರನ್ನೇ ಮುಂದುವರೆಸಬೇಕು ಎಂದು ಆಗ್ರಹಿಸಿದರು. ಗ್ರಾಮದ ಅಭಿವೃದ್ಧಿ ಕಾಮಗಾರಿಗಳು ಅವರ ಅವಧಿಯಲ್ಲಿ ಉತ್ತಮವಾಗಿ ನಡೆದಿವೆ. ಮೇಲಧಿಕಾರಿಗಳು ಈ ಬಗ್ಗೆ ಗಮನ ಹರಿಸಬೇಕು ಎಂದು ಒತ್ತಾಯಿಸಿದರು. ಗ್ರಾಪಂ ಅಧ್ಯಕ್ಷರು, ಉಪಾಧ್ಯಕ್ಷರು, ಸದಸ್ಯರು ಹಾಗೂ ಸಾರ್ವಜನಿಕರು ಭಾಗವಹಿಸಿದ್ದರು.
ಅರಸೀಕೆರೆ, ಅ.4- ತಾಲ್ಲೂಕಿನ ಹಾರನಹಳ್ಳಿ ಗ್ರಾಮ ಪಂಚಾಯಿತಿ ಅಭಿವೃದ್ಧಿ ಅಧಿಕಾರಿ ಶಾರದಮ್ಮ ಅವರನ್ನು ವರ್ಗಾವಣೆ ಮಾಡಿರುವುದನ್ನು ವಿರೋಧಿಸಿ ಗ್ರಾಪಂ ಸದಸ್ಯರು ಹಾಗೂ ಗ್ರಾಮಸ್ಥರು ಪಂಚಾಯಿತಿ ಕಚೇರಿ ಮುಂದೆ ಪ್ರತಿಭಟನೆ ನಡೆಸಿದರು. ಪ್ರಾಮಾಣಿಕವಾಗಿ ಕಾರ್ಯ ನಿರ್ವಹಿಸುತ್ತಿರುವ ಅಧಿಕಾರಿಯನ್ನು ಏಕಾಏಕಿ ವರ್ಗಾವಣೆ ಮಾಡಿರುವುದು ಸರಿಯಲ್ಲ. ಅವರನ್ನೇ ಮುಂದುವರೆಸಬೇಕು ಎಂದು ಆಗ್ರಹಿಸಿದರು. ಗ್ರಾಮದ ಅಭಿವೃದ್ಧಿ ಕಾಮಗಾರಿಗಳು ಅವರ ಅವಧಿಯಲ್ಲಿ ಉತ್ತಮವಾಗಿ ನಡೆದಿವೆ. ಮೇಲಧಿಕಾರಿಗಳು ಈ ಬಗ್ಗೆ ಗಮನ ಹರಿಸಬೇಕು ಎಂದು ಒತ್ತಾಯಿಸಿದರು. ಗ್ರಾಪಂ ಅಧ್ಯಕ್ಷರು, ಉಪಾಧ್ಯಕ್ಷರು, ಸದಸ್ಯರು ಹಾಗೂ ಸಾರ್ವಜನಿಕರು ಭಾಗವಹಿಸಿದ್ದರು.
ಅರಸೀಕೆರೆ, ಅ.4- ತಾಲ್ಲೂಕಿನ ಹಾರನಹಳ್ಳಿ ಗ್ರಾಮ ಪಂಚಾಯಿತಿ ಅಭಿವೃದ್ಧಿ ಅಧಿಕಾರಿ ಶಾರದಮ್ಮ ಅವರನ್ನು ವರ್ಗಾವಣೆ ಮಾಡಿರುವುದನ್ನು ವಿರೋಧಿಸಿ ಗ್ರಾಪಂ ಸದಸ್ಯರು ಹಾಗೂ ಗ್ರಾಮಸ್ಥರು ಪಂಚಾಯಿತಿ ಕಚೇರಿ ಮುಂದೆ ಪ್ರತಿಭಟನೆ ನಡೆಸಿದರು. ಪ್ರಾಮಾಣಿಕವಾಗಿ ಕಾರ್ಯ ನಿರ್ವಹಿಸುತ್ತಿರುವ ಅಧಿಕಾರಿಯನ್ನು ಏಕಾಏಕಿ ವರ್ಗಾವಣೆ ಮಾಡಿರುವುದು ಸರಿಯಲ್ಲ. ಅವರನ್ನೇ ಮುಂದುವರೆಸಬೇಕು ಎಂದು ಆಗ್ರಹಿಸಿದರು. ಗ್ರಾಮದ ಅಭಿವೃದ್ಧಿ ಕಾಮಗಾರಿಗಳು ಅವರ ಅವಧಿಯಲ್ಲಿ ಉತ್ತಮವಾಗಿ ನಡೆದಿವೆ. ಮೇಲಧಿಕಾರಿಗಳು ಈ ಬಗ್ಗೆ ಗಮನ ಹರಿಸಬೇಕು ಎಂದು ಒತ್ತಾಯಿಸಿದರು. ಗ್ರಾಪಂ ಅಧ್ಯಕ್ಷರು, ಉಪಾಧ್ಯಕ್ಷರು, ಸದಸ್ಯರು ಹಾಗೂ ಸಾರ್ವಜನಿಕರು ಭಾಗವಹಿಸಿದ್ದರು.
ಅರಸೀಕೆರೆ, ಅ.4- ತಾಲ್ಲೂಕಿನ ಹಾರನಹಳ್ಳಿ ಗ್ರಾಮ ಪಂಚಾಯಿತಿ ಅಭಿವೃದ್ಧಿ ಅಧಿಕಾರಿ ಶಾರದಮ್ಮ ಅವರನ್ನು ವರ್ಗಾವಣೆ ಮಾಡಿರುವುದನ್ನು ವಿರೋಧಿಸಿ ಗ್ರಾಪಂ ಸದಸ್ಯರು ಹಾಗೂ ಗ್ರಾಮಸ್ಥರು ಪಂಚಾಯಿತಿ ಕಚೇರಿ ಮುಂದೆ ಪ್ರತಿಭಟನೆ ನಡೆಸಿದರು. ಪ್ರಾಮಾಣಿಕವಾಗಿ ಕಾರ್ಯ ನಿರ್ವಹಿಸುತ್ತಿರುವ ಅಧಿಕಾರಿಯನ್ನು ಏಕಾಏಕಿ ವರ್ಗಾವಣೆ ಮಾಡಿರುವುದು ಸರಿಯಲ್ಲ. ಅವರನ್ನೇ ಮುಂದುವರೆಸಬೇಕು ಎಂದು ಆಗ್ರಹಿಸಿದರು. ಗ್ರಾಮದ ಅಭಿವೃದ್ಧಿ ಕಾಮಗಾರಿಗಳು ಅವರ ಅವಧಿಯಲ್ಲಿ ಉತ್ತಮವಾಗಿ ನಡೆದಿವೆ. ಮೇಲಧಿಕಾರಿಗಳು ಈ ಬಗ್ಗೆ ಗಮನ ಹರಿಸಬೇಕು ಎಂದು ಒತ್ತಾಯಿಸಿದರು. ಗ್ರಾಪಂ ಅಧ್ಯಕ್ಷರು, ಉಪಾಧ್ಯಕ್ಷರು, ಸದಸ್ಯರು ಹಾಗೂ ಸಾರ್ವಜನಿಕರು ಭಾಗವಹಿಸಿದ್ದರು.
